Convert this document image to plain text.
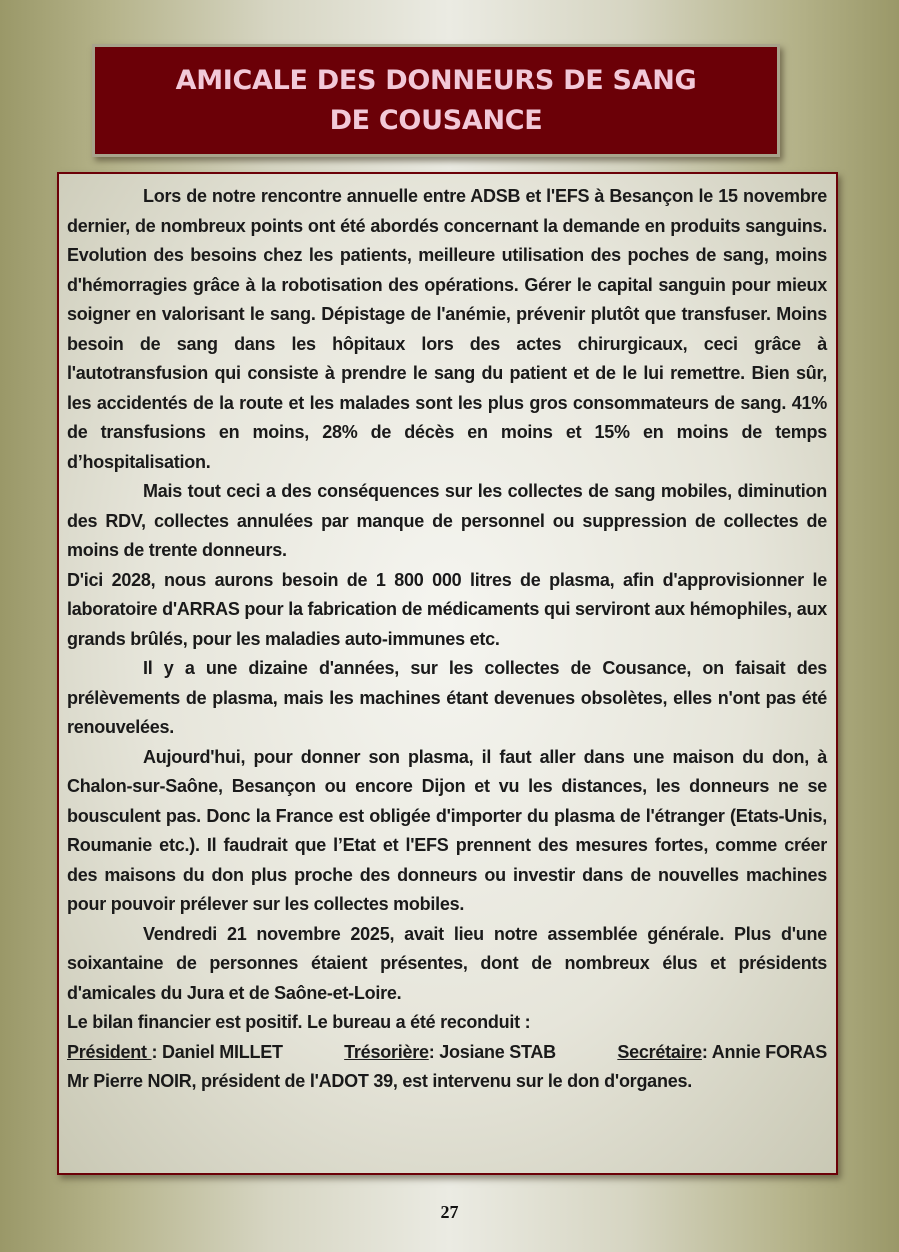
AMICALE DES DONNEURS DE SANG
DE COUSANCE

Lors de notre rencontre annuelle entre ADSB et l'EFS à Besançon le 15 novembre dernier, de nombreux points ont été abordés concernant la demande en produits sanguins. Evolution des besoins chez les patients, meilleure utilisation des poches de sang, moins d'hémorragies grâce à la robotisation des opérations. Gérer le capital sanguin pour mieux soigner en valorisant le sang. Dépistage de l'anémie, prévenir plutôt que transfuser. Moins besoin de sang dans les hôpitaux lors des actes chirurgicaux, ceci grâce à l'autotransfusion qui consiste à prendre le sang du patient et de le lui remettre. Bien sûr, les accidentés de la route et les malades sont les plus gros consommateurs de sang. 41% de transfusions en moins, 28% de décès en moins et 15% en moins de temps d’hospitalisation.

Mais tout ceci a des conséquences sur les collectes de sang mobiles, diminution des RDV, collectes annulées par manque de personnel ou suppression de collectes de moins de trente donneurs.

D'ici 2028, nous aurons besoin de 1 800 000 litres de plasma, afin d'approvisionner le laboratoire d'ARRAS pour la fabrication de médicaments qui serviront aux hémophiles, aux grands brûlés, pour les maladies auto-immunes etc.

Il y a une dizaine d'années, sur les collectes de Cousance, on faisait des prélèvements de plasma, mais les machines étant devenues obsolètes, elles n'ont pas été renouvelées.

Aujourd'hui, pour donner son plasma, il faut aller dans une maison du don, à Chalon-sur-Saône, Besançon ou encore Dijon et vu les distances, les donneurs ne se bousculent pas. Donc la France est obligée d'importer du plasma de l'étranger (Etats-Unis, Roumanie etc.). Il faudrait que l’Etat et l'EFS prennent des mesures fortes, comme créer des maisons du don plus proche des donneurs ou investir dans de nouvelles machines pour pouvoir prélever sur les collectes mobiles.

Vendredi 21 novembre 2025, avait lieu notre assemblée générale. Plus d'une soixantaine de personnes étaient présentes, dont de nombreux élus et présidents d'amicales du Jura et de Saône-et-Loire.

Le bilan financier est positif. Le bureau a été reconduit :

Président : Daniel MILLET	Trésorière: Josiane STAB	Secrétaire: Annie FORAS

Mr Pierre NOIR, président de l'ADOT 39, est intervenu sur le don d'organes.

27
